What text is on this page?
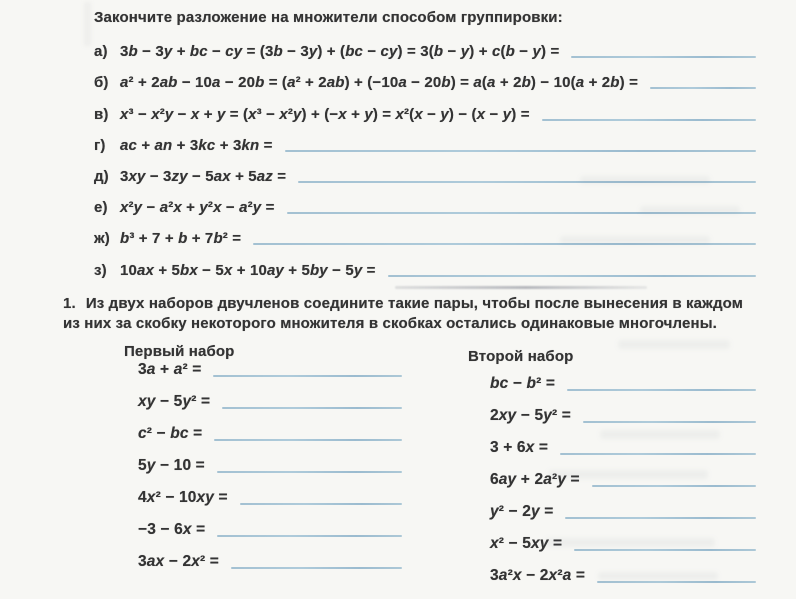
Закончите разложение на множители способом группировки:
а) 3b − 3y + bc − cy = (3b − 3y) + (bc − cy) = 3(b − y) + c(b − y) =
б) a² + 2ab − 10a − 20b = (a² + 2ab) + (−10a − 20b) = a(a + 2b) − 10(a + 2b) =
в) x³ − x²y − x + y = (x³ − x²y) + (−x + y) = x²(x − y) − (x − y) =
г) ac + an + 3kc + 3kn =
д) 3xy − 3zy − 5ax + 5az =
е) x²y − a²x + y²x − a²y =
ж) b³ + 7 + b + 7b² =
з) 10ax + 5bx − 5x + 10ay + 5by − 5y =
1. Из двух наборов двучленов соедините такие пары, чтобы после вынесения в каждом из них за скобку некоторого множителя в скобках остались одинаковые многочлены.
Первый набор	Второй набор
3a + a² =
xy − 5y² =
c² − bc =
5y − 10 =
4x² − 10xy =
−3 − 6x =
3ax − 2x² =
bc − b² =
2xy − 5y² =
3 + 6x =
6ay + 2a²y =
y² − 2y =
x² − 5xy =
3a²x − 2x²a =
